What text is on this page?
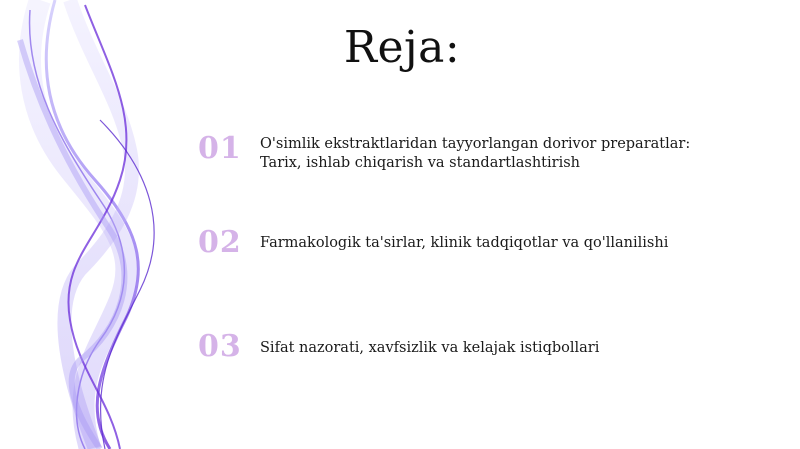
Reja:
01 O'simlik ekstraktlaridan tayyorlangan dorivor preparatlar:
Tarix, ishlab chiqarish va standartlashtirish
02 Farmakologik ta'sirlar, klinik tadqiqotlar va qo'llanilishi
03 Sifat nazorati, xavfsizlik va kelajak istiqbollari
